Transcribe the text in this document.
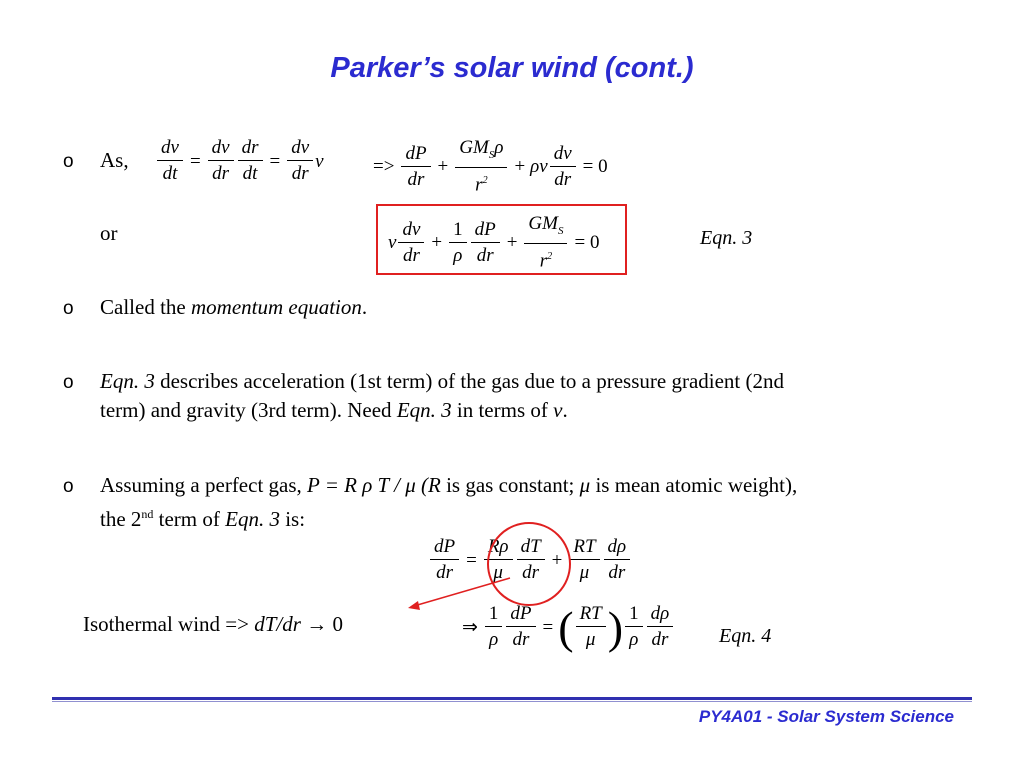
Parker’s solar wind (cont.)
o As, $\frac{dv}{dt} = \frac{dv}{dr} \frac{dr}{dt} = \frac{dv}{dr}$ v	=> $\frac{dP}{dr} + \frac{GM_S\rho}{r^2} + \rho v \frac{dv}{dr} = 0$
or	v $\frac{dv}{dr} + \frac{1}{\rho} \frac{dP}{dr} + \frac{GM_S}{r^2} = 0$	Eqn. 3
o Called the momentum equation.
o Eqn. 3 describes acceleration (1st term) of the gas due to a pressure gradient (2nd
term) and gravity (3rd term). Need Eqn. 3 in terms of v.
o Assuming a perfect gas, P = R ρ T / μ (R is gas constant; μ is mean atomic weight),
the 2nd term of Eqn. 3 is:
$\frac{dP}{dr} = \frac{R\rho}{\mu} \frac{dT}{dr} + \frac{RT}{\mu} \frac{d\rho}{dr}$
Isothermal wind => dT/dr → 0	⇒ $\frac{1}{\rho} \frac{dP}{dr}$ = ( $\frac{RT}{\mu}$ ) $\frac{1}{\rho} \frac{d\rho}{dr}$ Eqn. 4
PY4A01 - Solar System Science
